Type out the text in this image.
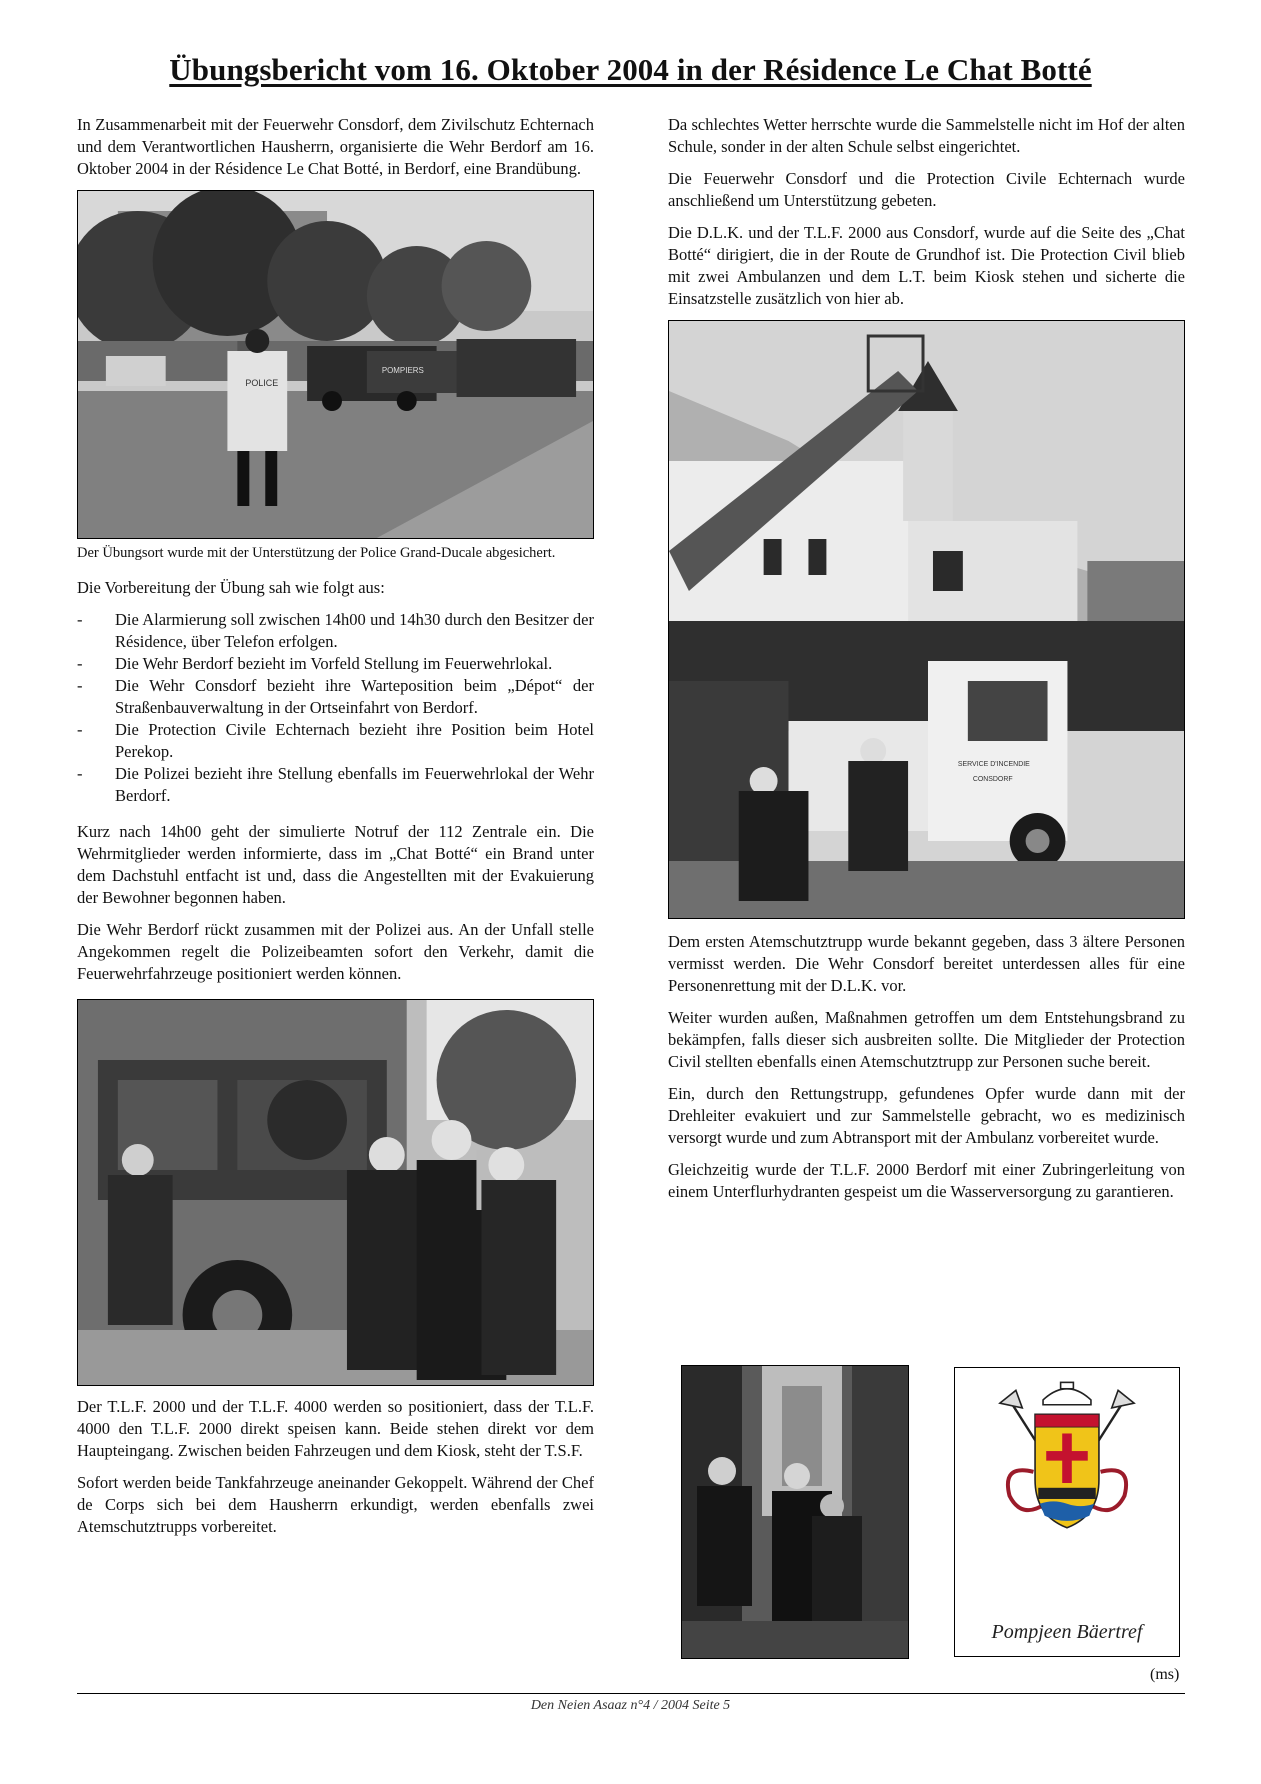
Übungsbericht vom 16. Oktober 2004 in der Résidence Le Chat Botté

In Zusammenarbeit mit der Feuerwehr Consdorf, dem Zivilschutz Echternach und dem Verantwortlichen Hausherrn, organisierte die Wehr Berdorf am 16. Oktober 2004 in der Résidence Le Chat Botté, in Berdorf, eine Brandübung.

POMPIERS
POLICE
Der Übungsort wurde mit der Unterstützung der Police Grand-Ducale abgesichert.

Die Vorbereitung der Übung sah wie folgt aus:

- Die Alarmierung soll zwischen 14h00 und 14h30 durch den Besitzer der Résidence, über Telefon erfolgen.
- Die Wehr Berdorf bezieht im Vorfeld Stellung im Feuerwehrlokal.
- Die Wehr Consdorf bezieht ihre Warteposition beim „Dépot“ der Straßenbauverwaltung in der Ortseinfahrt von Berdorf.
- Die Protection Civile Echternach bezieht ihre Position beim Hotel Perekop.
- Die Polizei bezieht ihre Stellung ebenfalls im Feuerwehrlokal der Wehr Berdorf.

Kurz nach 14h00 geht der simulierte Notruf der 112 Zentrale ein. Die Wehrmitglieder werden informierte, dass im „Chat Botté“ ein Brand unter dem Dachstuhl entfacht ist und, dass die Angestellten mit der Evakuierung der Bewohner begonnen haben.

Die Wehr Berdorf rückt zusammen mit der Polizei aus. An der Unfall stelle Angekommen regelt die Polizeibeamten sofort den Verkehr, damit die Feuerwehrfahrzeuge positioniert werden können.

Der T.L.F. 2000 und der T.L.F. 4000 werden so positioniert, dass der T.L.F. 4000 den T.L.F. 2000 direkt speisen kann. Beide stehen direkt vor dem Haupteingang. Zwischen beiden Fahrzeugen und dem Kiosk, steht der T.S.F.

Sofort werden beide Tankfahrzeuge aneinander Gekoppelt. Während der Chef de Corps sich bei dem Hausherrn erkundigt, werden ebenfalls zwei Atemschutztrupps vorbereitet.

Da schlechtes Wetter herrschte wurde die Sammelstelle nicht im Hof der alten Schule, sonder in der alten Schule selbst eingerichtet.

Die Feuerwehr Consdorf und die Protection Civile Echternach wurde anschließend um Unterstützung gebeten.

Die D.L.K. und der T.L.F. 2000 aus Consdorf, wurde auf die Seite des „Chat Botté“ dirigiert, die in der Route de Grundhof ist. Die Protection Civil blieb mit zwei Ambulanzen und dem L.T. beim Kiosk stehen und sicherte die Einsatzstelle zusätzlich von hier ab.

SERVICE D'INCENDIE
CONSDORF

Dem ersten Atemschutztrupp wurde bekannt gegeben, dass 3 ältere Personen vermisst werden. Die Wehr Consdorf bereitet unterdessen alles für eine Personenrettung mit der D.L.K. vor.

Weiter wurden außen, Maßnahmen getroffen um dem Entstehungsbrand zu bekämpfen, falls dieser sich ausbreiten sollte. Die Mitglieder der Protection Civil stellten ebenfalls einen Atemschutztrupp zur Personen suche bereit.

Ein, durch den Rettungstrupp, gefundenes Opfer wurde dann mit der Drehleiter evakuiert und zur Sammelstelle gebracht, wo es medizinisch versorgt wurde und zum Abtransport mit der Ambulanz vorbereitet wurde.

Gleichzeitig wurde der T.L.F. 2000 Berdorf mit einer Zubringerleitung von einem Unterflurhydranten gespeist um die Wasserversorgung zu garantieren.

Pompjeen Bäertref
(ms)
Den Neien Asaaz n°4 / 2004 Seite 5
